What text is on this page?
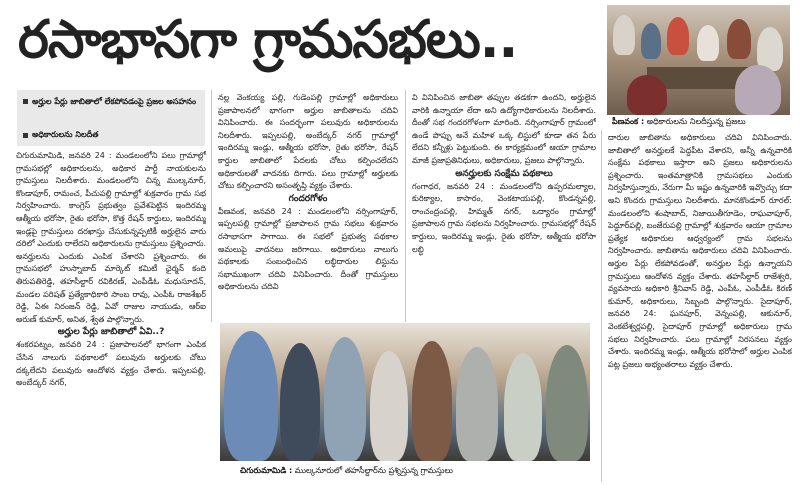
రసాభాసగా గ్రామసభలు..
పీణవంక : అధికారులను నిలదీస్తున్న ప్రజలు
అర్హుల పేర్లు జాబితాలో లేకపోవడంపై ప్రజల అసహనం
అధికారులను నిలదీత

చిగురుమామిడి, జనవరి 24 : మండలంలోని పలు గ్రామాల్లో గ్రామసభల్లో అధికారులను, అధికార పార్టీ నాయకులను గ్రామస్తులు నిలదీశారు. మండలంలోని చిన్న ముల్కనూర్, కొండాపూర్, రామంచ, పీచుపల్లి గ్రామాల్లో శుక్రవారం గ్రామ సభ నిర్వహించారు. కాంగ్రెస్ ప్రభుత్వం ప్రవేశపెట్టిన ఇందిరమ్మ ఆత్మీయ భరోసా, రైతు భరోసా, కొత్త రేషన్ కార్డులు, ఇందిరమ్మ ఇండ్లపై గ్రామస్తులు దరఖాస్తు చేసుకున్నప్పటికీ అర్హులైన వారు దరిలో ఎందుకు రాలేదని అధికారులను గ్రామస్తులు ప్రశ్నించారు. అనర్హులను ఎందుకు ఎంపిక చేశారని ప్రశ్నించారు. ఈ గ్రామసభలో హుస్నాబాద్ మార్కెట్ కమిటీ ఛైర్మన్ కంది తిరుపతిరెడ్డి, తహసీల్దార్ రవికిరణ్, ఎంపీడీఓ మధుసూదన్, మండల పరిషత్ ప్రత్యేకాధికారి సాంబ రావు, ఎంపీఓ రాజశేఖర్ రెడ్డి, ఏఈ నిరంజన్ రెడ్డి, ఏవో రాజుల నాయుడు, ఆర్ఐ అరుణ్ కుమార్, అనిత, శ్వేత పాల్గొన్నారు.

అర్హుల పేర్లు జాబితాలో ఏవి..?

శంకరపట్నం, జనవరి 24 : ప్రజాపాలనలో భాగంగా ఎంపిక చేసిన నాలుగు పథకాలలో పలువురు అర్హులకు చోటు దక్కలేదని పలువురు ఆందోళన వ్యక్తం చేశారు. ఇప్పలపల్లి, అంబేద్కర్ నగర్,

నల్ల వెంకయ్య పల్లి, గుడెంపల్లి గ్రామాల్లో అధికారులు ప్రజాపాలనలో భాగంగా అర్హుల జాబితాలను చదివి వినిపించారు. ఈ సందర్భంగా పలువురు అధికారులను నిలదీశారు. ఇప్పలపల్లి, అంబేద్కర్ నగర్ గ్రామాల్లో ఇందిరమ్మ ఇండ్లు, ఆత్మీయ భరోసా, రైతు భరోసా, రేషన్ కార్డుల జాబితాలో పేదలకు చోటు కల్పించలేదని అధికారులతో వాదనకు దిగారు. పలు గ్రామాల్లో అర్హులకు చోటు కల్పించారని అసంతృప్తి వ్యక్తం చేశారు.

గందరగోళం

వీణవంక, జనవరి 24 : మండలంలోని నర్సింగాపూర్, ఇప్పలపల్లి గ్రామాల్లో ప్రజాపాలన గ్రామ సభలు శుక్రవారం రసాభాసగా సాగాయి. ఈ సభలో ప్రభుత్వ పథకాల అమలుపై వాదనలు జరిగాయి. అధికారులు నాలుగు పథకాలకు సంబంధించిన లబ్ధిదారుల లిస్టును సభాముఖంగా చదివి వినిపించారు. దీంతో గ్రామస్తులు అధికారులను చదివి

వి వినిపించిన జాబితా తప్పుల తడకగా ఉందని, అర్హులైన వారికి ఉన్నాయా లేదా అని ఉద్యోగాధికారులను నిలదీశారు. దీంతో సభ గందరగోళంగా మారింది. నర్సింగాపూర్ గ్రామంలో ఉండే పొప్పు అనే మహిళ ఒక్క లిస్టులో కూడా తన పేరు లేదని కన్నీళ్లు పెట్టుకుంది. ఈ కార్యక్రమంలో ఆయా గ్రామాల మాజీ ప్రజాప్రతినిధులు, అధికారులు, ప్రజలు పాల్గొన్నారు.

అనర్హులకు సంక్షేమ పథకాలు

గంగాధర, జనవరి 24 : మండలంలోని ఉప్పరమల్యాల, కురిక్యాల, కాసారం, వెంకటాయపల్లి, కొండన్నపల్లి, రాంచంద్రంపల్లి, హిమ్మత్ నగర్, ఒద్యారం గ్రామాల్లో ప్రజాపాలన గ్రామ సభలను నిర్వహించారు. గ్రామసభల్లో రేషన్ కార్డులు, ఇందిరమ్మ ఇండ్లు, రైతు భరోసా, ఆత్మీయ భరోసా లబ్ధి

చిగురుమామిడి : ముల్కనూరులో తహసీల్దార్‌ను ప్రశ్నిస్తున్న గ్రామస్తులు

దారుల జాబితాను అధికారులు చదివి వినిపించారు. జాబితాలో అనర్హులకే పెద్దపీట వేశారని, అన్నీ ఉన్నవారికి సంక్షేమ పథకాలు ఇస్తారా అని ప్రజలు అధికారులను ప్రశ్నించారు. ఇంతమాత్రానికి గ్రామసభలు ఎందుకు నిర్వహిస్తున్నారు, నేరుగా మీ ఇష్టం ఉన్నవారికి ఇవ్వొచ్చు కదా అని కొందరు గ్రామస్తులు నిలదీశారు. మానకొండూర్ రూరల్: మండలంలోని శంషాబాద్, నిజాయితీగూడెం, రాఘవాపూర్, పెద్దూర్‌పల్లి, బంజేరుపల్లి గ్రామాల్లో శుక్రవారం ఆయా గ్రామాల ప్రత్యేక అధికారుల ఆధ్వర్యంలో గ్రామ సభలను నిర్వహించారు. జాబితాను అధికారులు చదివి వినిపించారు. అర్హుల పేర్లు లేకపోవడంతో, అనర్హుల పేర్లు ఉన్నాయని గ్రామస్తులు ఆందోళన వ్యక్తం చేశారు. తహసీల్దార్ రాజేశ్వరి, వ్యవసాయ అధికారి శ్రీనివాస్ రెడ్డి, ఎంపీఓ, ఎంపీడీఓ కిరణ్ కుమార్, అధికారులు, సిబ్బంది పాల్గొన్నారు. సైదాపూర్, జనవరి 24: ఘనపూర్, వెన్నంపల్లి, ఆకునూర్, వెంకటేశ్వర్లపల్లి, సైదాపూర్ గ్రామాల్లో అధికారులు గ్రామ సభలు నిర్వహించారు. పలు గ్రామాల్లో నిరసనలు వ్యక్తం చేశారు. ఇందిరమ్మ ఇండ్లు, ఆత్మీయ భరోసాలో అర్హుల ఎంపిక పట్ల ప్రజలు అభ్యంతరాలు వ్యక్తం చేశారు.
